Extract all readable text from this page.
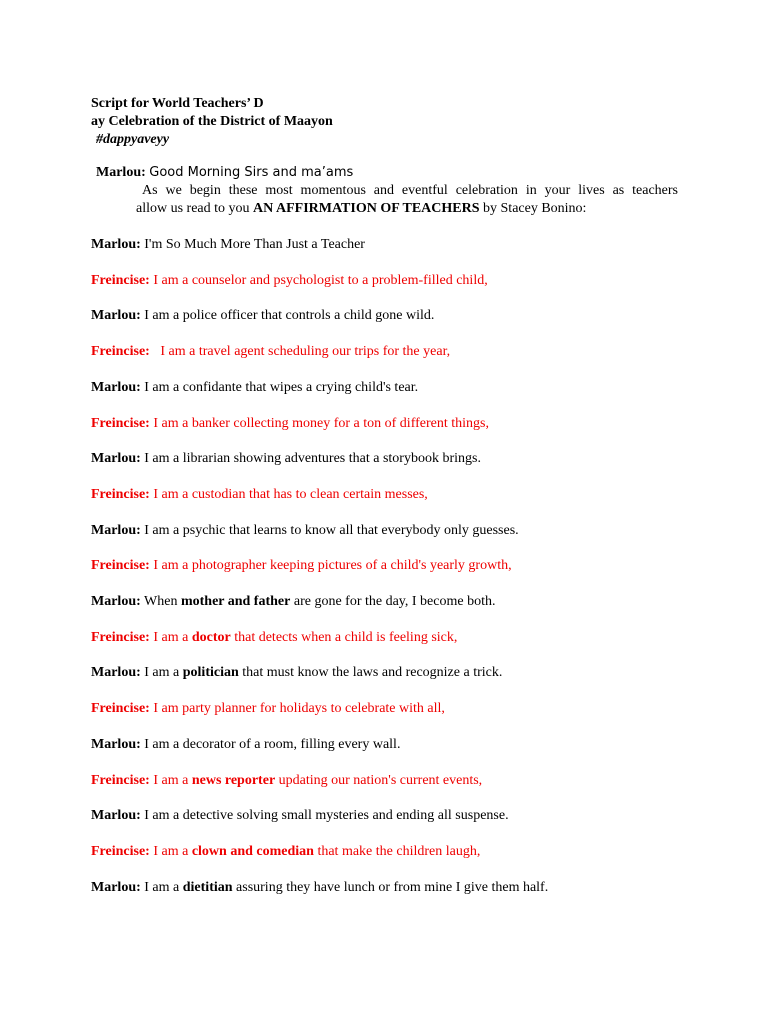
Script for World Teachers’ D
ay Celebration of the District of Maayon
#dappyaveyy
Marlou: Good Morning Sirs and ma’ams
As we begin these most momentous and eventful celebration in your lives as teachers
allow us read to you AN AFFIRMATION OF TEACHERS by Stacey Bonino:
Marlou: I'm So Much More Than Just a Teacher
Freincise: I am a counselor and psychologist to a problem-filled child,
Marlou: I am a police officer that controls a child gone wild.
Freincise:   I am a travel agent scheduling our trips for the year,
Marlou: I am a confidante that wipes a crying child's tear.
Freincise: I am a banker collecting money for a ton of different things,
Marlou: I am a librarian showing adventures that a storybook brings.
Freincise: I am a custodian that has to clean certain messes,
Marlou: I am a psychic that learns to know all that everybody only guesses.
Freincise: I am a photographer keeping pictures of a child's yearly growth,
Marlou: When mother and father are gone for the day, I become both.
Freincise: I am a doctor that detects when a child is feeling sick,
Marlou: I am a politician that must know the laws and recognize a trick.
Freincise: I am party planner for holidays to celebrate with all,
Marlou: I am a decorator of a room, filling every wall.
Freincise: I am a news reporter updating our nation's current events,
Marlou: I am a detective solving small mysteries and ending all suspense.
Freincise: I am a clown and comedian that make the children laugh,
Marlou: I am a dietitian assuring they have lunch or from mine I give them half.
